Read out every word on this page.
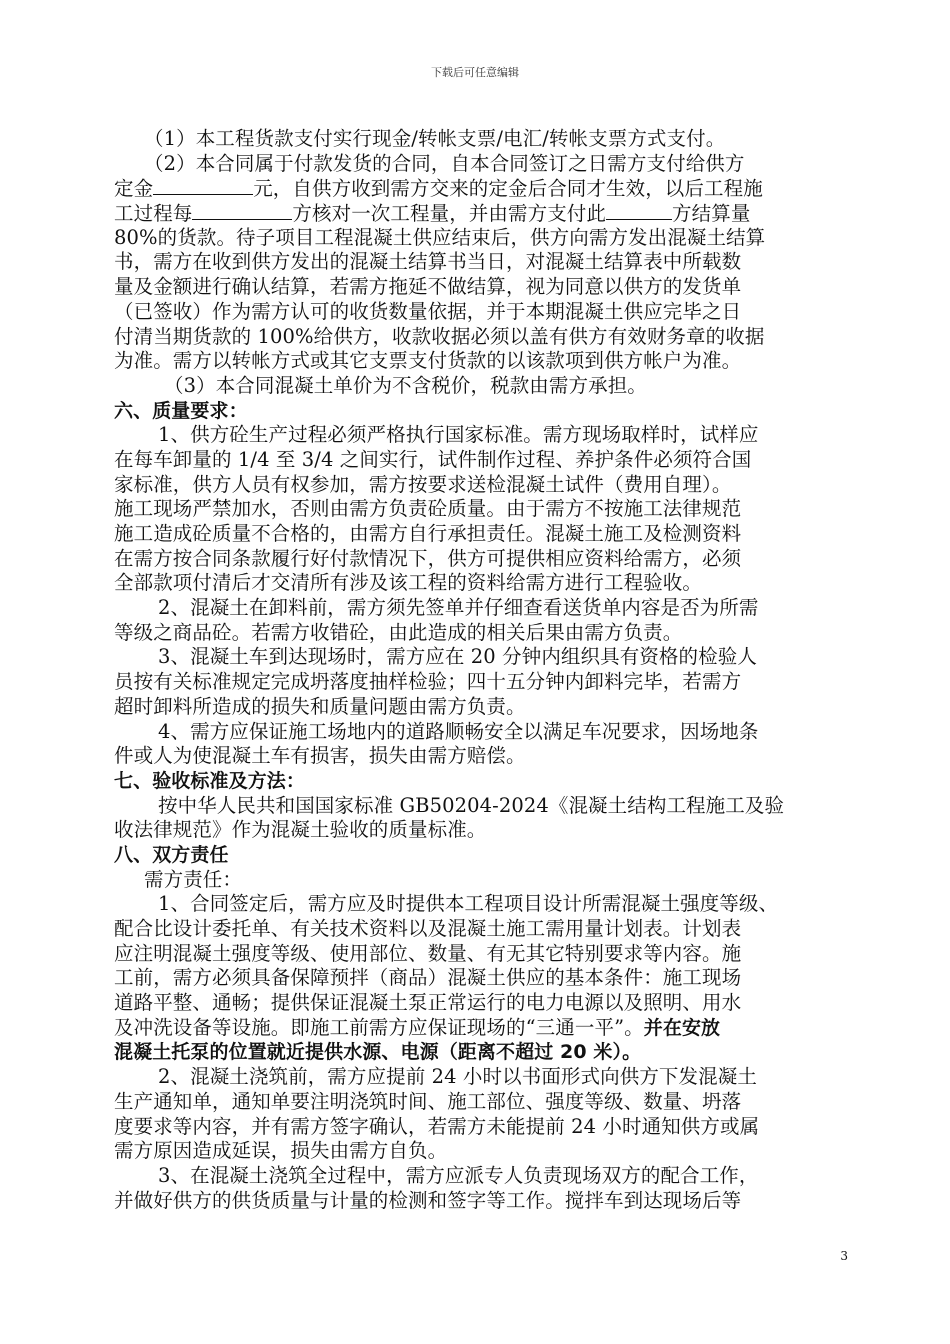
下载后可任意编辑
（1）本工程货款支付实行现金/转帐支票/电汇/转帐支票方式支付。
（2）本合同属于付款发货的合同，自本合同签订之日需方支付给供方
定金	元，自供方收到需方交来的定金后合同才生效，以后工程施
工过程每	方核对一次工程量，并由需方支付此	方结算量
80%的货款。待子项目工程混凝土供应结束后，供方向需方发出混凝土结算
书，需方在收到供方发出的混凝土结算书当日，对混凝土结算表中所载数
量及金额进行确认结算，若需方拖延不做结算，视为同意以供方的发货单
（已签收）作为需方认可的收货数量依据，并于本期混凝土供应完毕之日
付清当期货款的 100%给供方，收款收据必须以盖有供方有效财务章的收据
为准。需方以转帐方式或其它支票支付货款的以该款项到供方帐户为准。
（3）本合同混凝土单价为不含税价，税款由需方承担。
六、质量要求：
1、供方砼生产过程必须严格执行国家标准。需方现场取样时，试样应
在每车卸量的 1/4 至 3/4 之间实行，试件制作过程、养护条件必须符合国
家标准，供方人员有权参加，需方按要求送检混凝土试件（费用自理）。
施工现场严禁加水，否则由需方负责砼质量。由于需方不按施工法律规范
施工造成砼质量不合格的，由需方自行承担责任。混凝土施工及检测资料
在需方按合同条款履行好付款情况下，供方可提供相应资料给需方，必须
全部款项付清后才交清所有涉及该工程的资料给需方进行工程验收。
2、混凝土在卸料前，需方须先签单并仔细查看送货单内容是否为所需
等级之商品砼。若需方收错砼，由此造成的相关后果由需方负责。
3、混凝土车到达现场时，需方应在 20 分钟内组织具有资格的检验人
员按有关标准规定完成坍落度抽样检验；四十五分钟内卸料完毕，若需方
超时卸料所造成的损失和质量问题由需方负责。
4、需方应保证施工场地内的道路顺畅安全以满足车况要求，因场地条
件或人为使混凝土车有损害，损失由需方赔偿。
七、验收标准及方法：
按中华人民共和国国家标准 GB50204-2024《混凝土结构工程施工及验
收法律规范》作为混凝土验收的质量标准。
八、双方责任
需方责任：
1、合同签定后，需方应及时提供本工程项目设计所需混凝土强度等级、
配合比设计委托单、有关技术资料以及混凝土施工需用量计划表。计划表
应注明混凝土强度等级、使用部位、数量、有无其它特别要求等内容。施
工前，需方必须具备保障预拌（商品）混凝土供应的基本条件：施工现场
道路平整、通畅；提供保证混凝土泵正常运行的电力电源以及照明、用水
及冲洗设备等设施。即施工前需方应保证现场的“三通一平”。并在安放
混凝土托泵的位置就近提供水源、电源（距离不超过 20 米）。
2、混凝土浇筑前，需方应提前 24 小时以书面形式向供方下发混凝土
生产通知单，通知单要注明浇筑时间、施工部位、强度等级、数量、坍落
度要求等内容，并有需方签字确认，若需方未能提前 24 小时通知供方或属
需方原因造成延误，损失由需方自负。
3、在混凝土浇筑全过程中，需方应派专人负责现场双方的配合工作，
并做好供方的供货质量与计量的检测和签字等工作。搅拌车到达现场后等
3
